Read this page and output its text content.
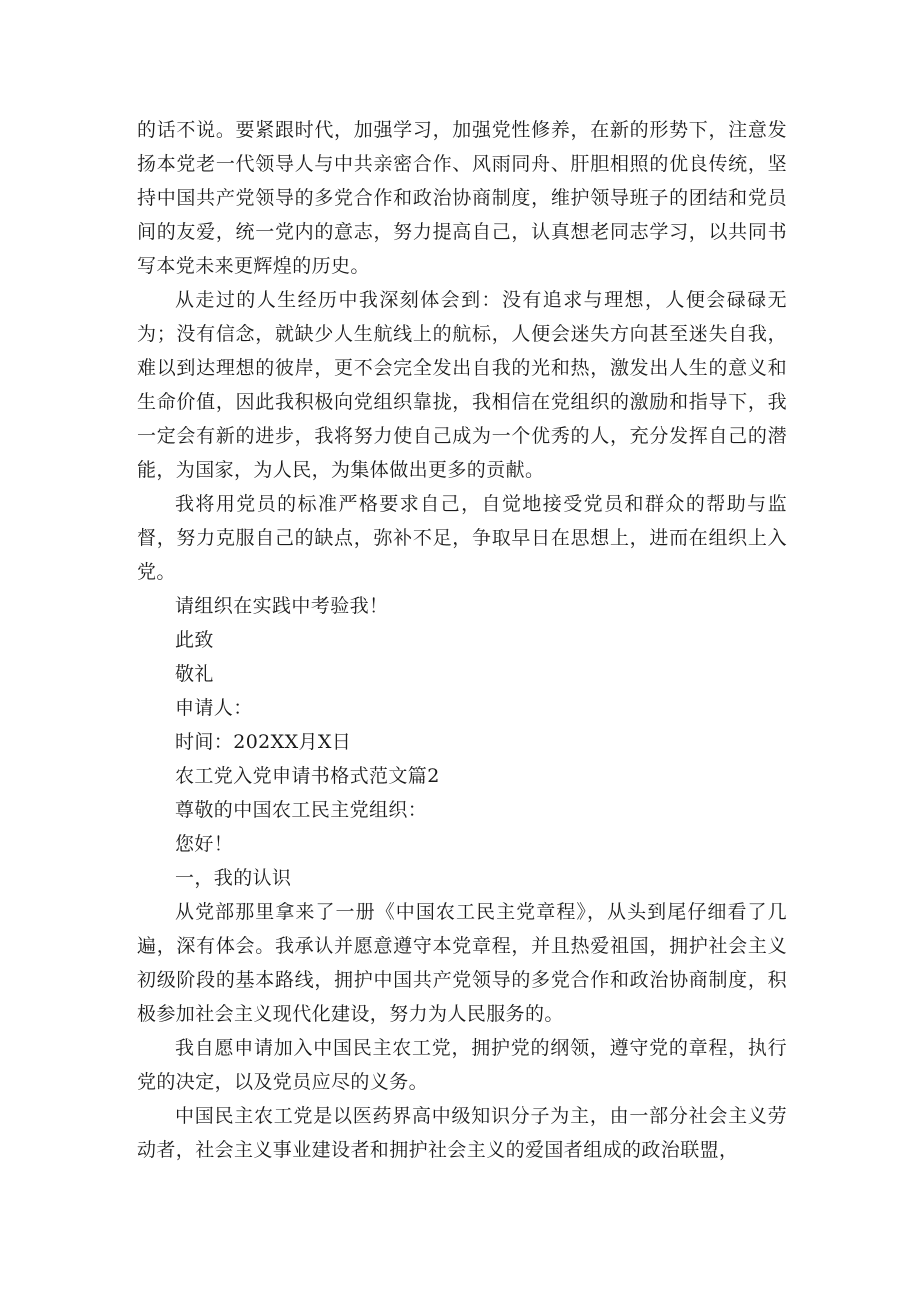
的话不说。要紧跟时代，加强学习，加强党性修养，在新的形势下，注意发扬本党老一代领导人与中共亲密合作、风雨同舟、肝胆相照的优良传统，坚持中国共产党领导的多党合作和政治协商制度，维护领导班子的团结和党员间的友爱，统一党内的意志，努力提高自己，认真想老同志学习，以共同书写本党未来更辉煌的历史。

从走过的人生经历中我深刻体会到：没有追求与理想，人便会碌碌无为；没有信念，就缺少人生航线上的航标，人便会迷失方向甚至迷失自我，难以到达理想的彼岸，更不会完全发出自我的光和热，激发出人生的意义和生命价值，因此我积极向党组织靠拢，我相信在党组织的激励和指导下，我一定会有新的进步，我将努力使自己成为一个优秀的人，充分发挥自己的潜能，为国家，为人民，为集体做出更多的贡献。

我将用党员的标准严格要求自己，自觉地接受党员和群众的帮助与监督，努力克服自己的缺点，弥补不足，争取早日在思想上，进而在组织上入党。

请组织在实践中考验我！

此致

敬礼

申请人：

时间：202XX月X日

农工党入党申请书格式范文篇2

尊敬的中国农工民主党组织：

您好！

一，我的认识

从党部那里拿来了一册《中国农工民主党章程》，从头到尾仔细看了几遍，深有体会。我承认并愿意遵守本党章程，并且热爱祖国，拥护社会主义初级阶段的基本路线，拥护中国共产党领导的多党合作和政治协商制度，积极参加社会主义现代化建设，努力为人民服务的。

我自愿申请加入中国民主农工党，拥护党的纲领，遵守党的章程，执行党的决定，以及党员应尽的义务。

中国民主农工党是以医药界高中级知识分子为主，由一部分社会主义劳动者，社会主义事业建设者和拥护社会主义的爱国者组成的政治联盟，
